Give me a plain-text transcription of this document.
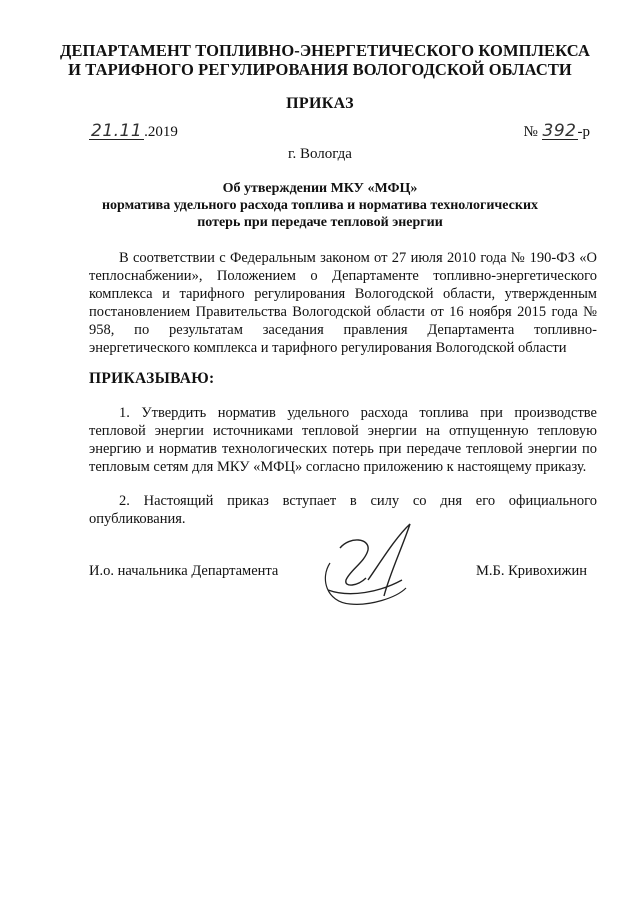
ДЕПАРТАМЕНТ ТОПЛИВНО-ЭНЕРГЕТИЧЕСКОГО КОМПЛЕКСА
И ТАРИФНОГО РЕГУЛИРОВАНИЯ ВОЛОГОДСКОЙ ОБЛАСТИ
ПРИКАЗ
21.11 .2019	№ 392-р
г. Вологда
Об утверждении МКУ «МФЦ»
норматива удельного расхода топлива и норматива технологических
потерь при передаче тепловой энергии
В соответствии с Федеральным законом от 27 июля 2010 года № 190-ФЗ «О теплоснабжении», Положением о Департаменте топливно-энергетического комплекса и тарифного регулирования Вологодской области, утвержденным постановлением Правительства Вологодской области от 16 ноября 2015 года № 958, по результатам заседания правления Департамента топливно-энергетического комплекса и тарифного регулирования Вологодской области
ПРИКАЗЫВАЮ:
1. Утвердить норматив удельного расхода топлива при производстве тепловой энергии источниками тепловой энергии на отпущенную тепловую энергию и норматив технологических потерь при передаче тепловой энергии по тепловым сетям для МКУ «МФЦ» согласно приложению к настоящему приказу.
2. Настоящий приказ вступает в силу со дня его официального опубликования.
И.о. начальника Департамента	М.Б. Кривохижин
